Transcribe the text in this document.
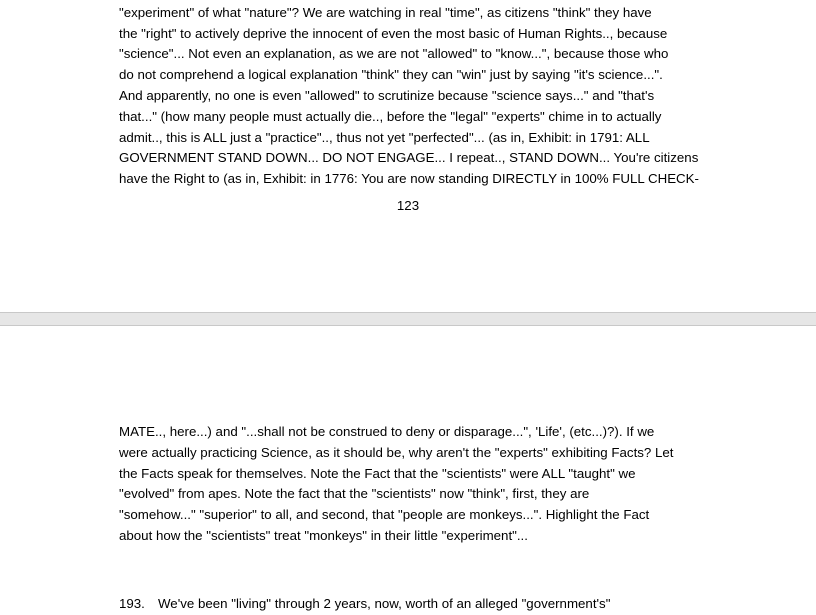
"experiment" of what "nature"? We are watching in real "time", as citizens "think" they have
the "right" to actively deprive the innocent of even the most basic of Human Rights.., because
"science"... Not even an explanation, as we are not "allowed" to "know...", because those who
do not comprehend a logical explanation "think" they can "win" just by saying "it's science...".
And apparently, no one is even "allowed" to scrutinize because "science says..." and "that's
that..." (how many people must actually die.., before the "legal" "experts" chime in to actually
admit.., this is ALL just a "practice".., thus not yet "perfected"... (as in, Exhibit: in 1791: ALL
GOVERNMENT STAND DOWN... DO NOT ENGAGE... I repeat.., STAND DOWN... You're citizens
have the Right to (as in, Exhibit: in 1776: You are now standing DIRECTLY in 100% FULL CHECK-
123
MATE.., here...) and "...shall not be construed to deny or disparage...", 'Life', (etc...)?). If we
were actually practicing Science, as it should be, why aren't the "experts" exhibiting Facts? Let
the Facts speak for themselves. Note the Fact that the "scientists" were ALL "taught" we
"evolved" from apes. Note the fact that the "scientists" now "think", first, they are
"somehow..." "superior" to all, and second, that "people are monkeys...". Highlight the Fact
about how the "scientists" treat "monkeys" in their little "experiment"...
193. We've been "living" through 2 years, now, worth of an alleged "government's"
